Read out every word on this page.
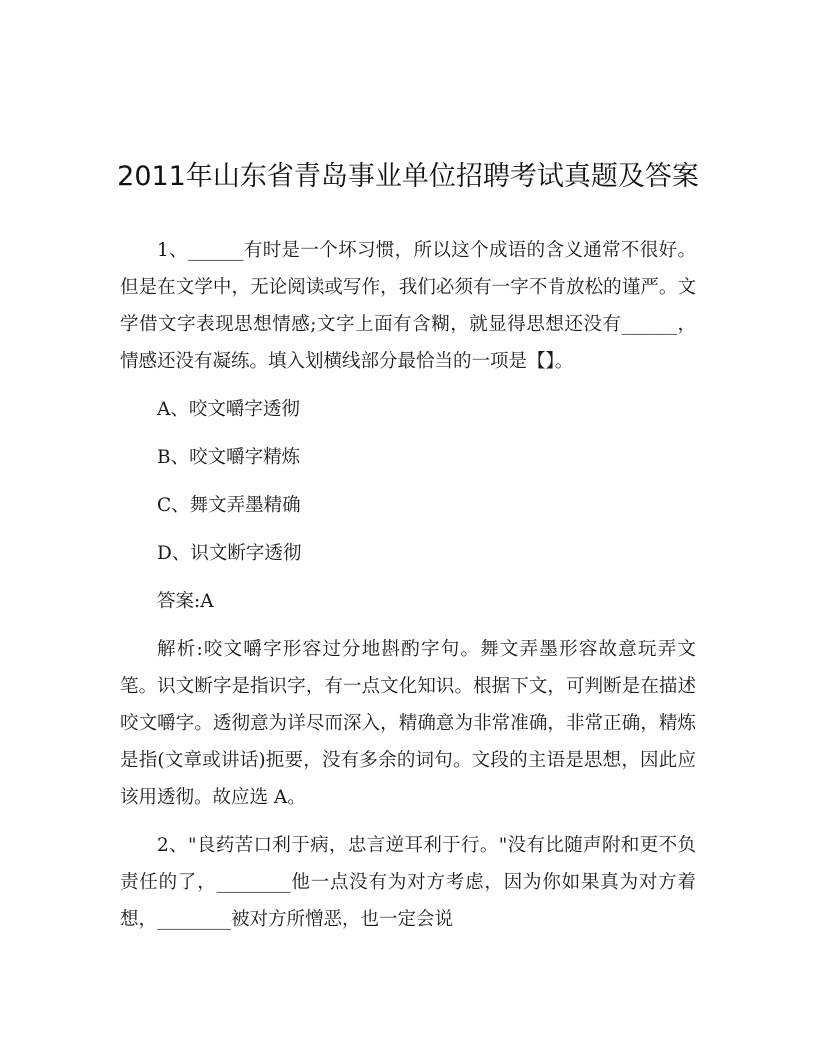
2011年山东省青岛事业单位招聘考试真题及答案

1、______有时是一个坏习惯，所以这个成语的含义通常不很好。但是在文学中，无论阅读或写作，我们必须有一字不肯放松的谨严。文学借文字表现思想情感;文字上面有含糊，就显得思想还没有______，情感还没有凝练。填入划横线部分最恰当的一项是【】。

A、咬文嚼字透彻

B、咬文嚼字精炼

C、舞文弄墨精确

D、识文断字透彻

答案:A

解析:咬文嚼字形容过分地斟酌字句。舞文弄墨形容故意玩弄文笔。识文断字是指识字，有一点文化知识。根据下文，可判断是在描述咬文嚼字。透彻意为详尽而深入，精确意为非常准确，非常正确，精炼是指(文章或讲话)扼要，没有多余的词句。文段的主语是思想，因此应该用透彻。故应选 A。

2、"良药苦口利于病，忠言逆耳利于行。"没有比随声附和更不负责任的了，________他一点没有为对方考虑，因为你如果真为对方着想，________被对方所憎恶，也一定会说
